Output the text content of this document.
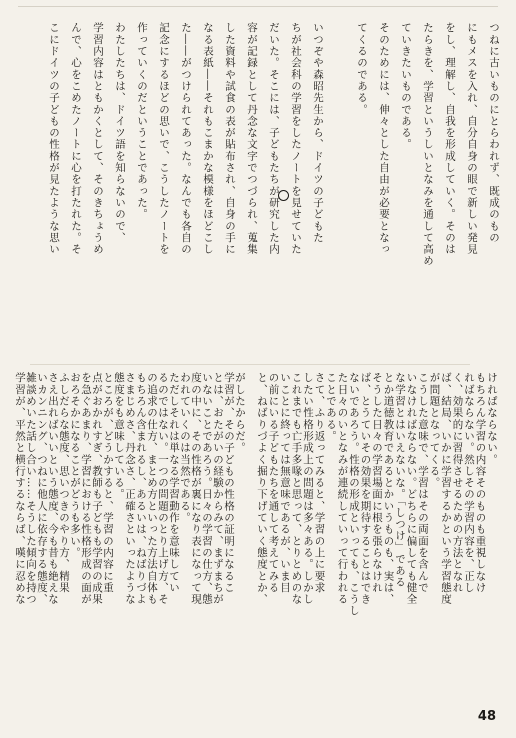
つねに古いものにとらわれず、既成のもの
にもメスを入れ、自分自身の眼で新しい発見
をし、理解し、自我を形成していく。そのは
たらきを、学習というしいとなみを通して高め
ていきたいものである。
そのためには、伸々とした自由が必要となっ
てくるのである。
いつぞや森昭先生から、ドイツの子どもた
ちが社会科の学習をしたノートを見せていた
だいた。そこには、子どもたちが研究した内
容が記録として丹念な文字でつづられ、蒐集
した資料や試食の表が貼布され、自身の手に
なる表紙――それもこまかな模様をほどこし
た――がつけられてあった。なんでも各自の
記念にするほどの思いで、こうしたノートを
作っていくのだということであった。
わたしたちは、ドイツ語を知らないので、
学習内容はともかくとして、そのきちょうめ
んで、心をこめたノートに心を打たれた。そ
こにドイツの子どもの性格が見たような思い
がしたからだ。
学習が、その子どもの性格の証明になるこ
とは、おたがいの経験からみて、まずまちが
いないことであろう。日々の学習の仕方、態
度の中に、その性格が裏になり表になって現
われていくのは当然である。
ただしそれは単なる学習動作を意味してい
るのではない。一つの問題のとり上げ方、そ
の追求の仕方、まとめ方といった方法自体も
もちろん含まれるし、あるいは、ねばりづよ
さまじめさ、丹念さ、正確さといったような
態度をも意味している。
ところが、どうかすると、学習の内容に重
点がおかれすぎ、教師も子どもも学習の成果
を急ぐあまり、学習における性格形成の面が
おろそかになることがどうも多い。
ふしだらな態度、思いつきのやり方、精果
さえ出ればいいという態度、今も昔も絶えな
いカンニング、つねに他人に依存する態度、
雑談めいた話し合い……そうした傾向を持つ
学習が、平然と横行するならば、嘆に忍めな	けれぱならない。
もちろん学習の内容そのものも重視しなけ
ればならない。然しその学習内容を、正し
く、効果的に習得させるための方法となれ
ば、結局、いかに学習するかという学習態度
が問題となってくる。
こうした意味で、学習はその両面を含んで
いなければならない。どちらに偏しても健全
な学習とはいえないな。「しつけ」である
とか道徳教育であるとかいうものも、実は、
そうした日々の学習場面に根を張らなけれ
ば、とうていその効果を期待することはでき
ないであろう。性格の形成といっても、こうし
た日々のいとなみが連続していって行われる
ことである。
さて、ふり返ってみると、学習の上に要求
したい性格形成上の問題は多々ある。しかし
これまでも亡手多喙と思って、とりとめのな
いことに終っては無意味であるが、いま目
の前にいる子どもたちを通して考えてみる
と、ねばりづよく掘り下げていく態度とか、
48
